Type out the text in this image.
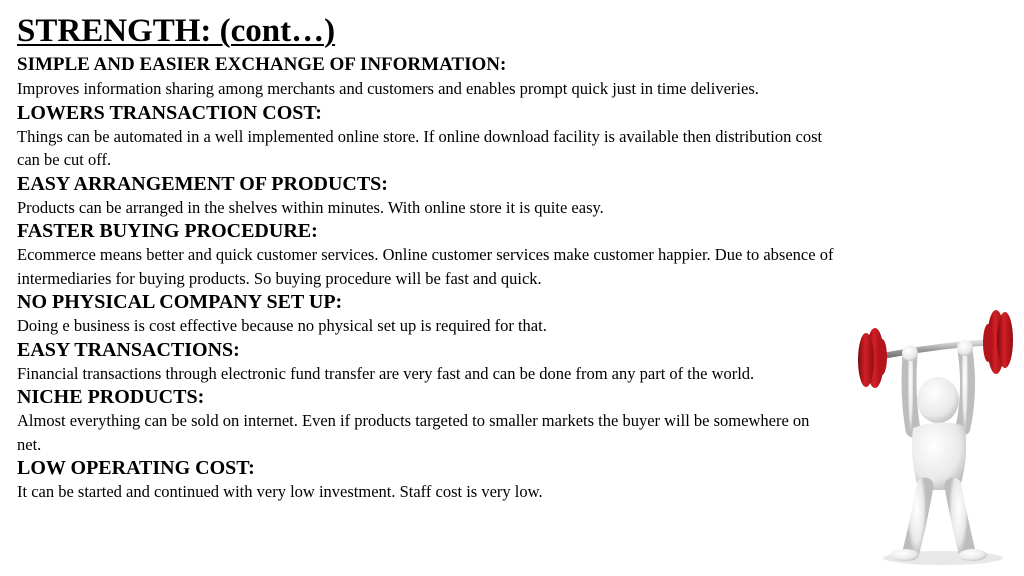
STRENGTH: (cont…)
SIMPLE AND EASIER EXCHANGE OF INFORMATION:
Improves information sharing among merchants and customers and enables prompt quick just in time deliveries.
LOWERS TRANSACTION COST:
Things can be automated in a well implemented online store. If online download facility is available then distribution cost can be cut off.
EASY ARRANGEMENT OF PRODUCTS:
Products can be arranged in the shelves within minutes. With online store it is quite easy.
FASTER BUYING PROCEDURE:
Ecommerce means better and quick customer services. Online customer services make customer happier. Due to absence of intermediaries for buying products. So buying procedure will be fast and quick.
NO PHYSICAL COMPANY SET UP:
Doing e business is cost effective because no physical set up is required for that.
EASY TRANSACTIONS:
Financial transactions through electronic fund transfer are very fast and can be done from any part of the world.
NICHE PRODUCTS:
Almost everything can be sold on internet. Even if products targeted to smaller markets the buyer will be somewhere on net.
LOW OPERATING COST:
It can be started and continued with very low investment. Staff cost is very low.
